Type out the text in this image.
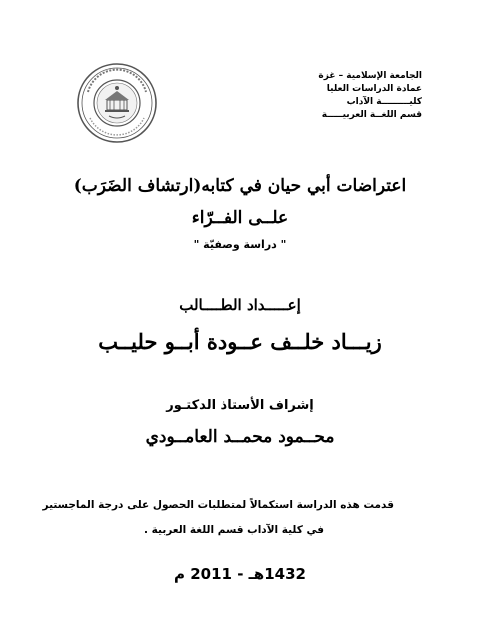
الجامعة الإسلامية – غزة
عمادة الدراسات العليا
كليـــــــــة الآداب
قسم اللغــة العربيـــــة
اعتراضات أبي حيان في كتابه(ارتشاف الضَرَب)
علــى الفــرّاء
" دراسة وصفيّة "
إعـــــداد الطــــالب
زيـــاد خلــف عــودة أبــو حليــب
إشراف الأستاذ الدكتـور
محــمود محمــد العامــودي
قدمت هذه الدراسة استكمالاً لمتطلبات الحصول على درجة الماجستير
في كلية الآداب قسم اللغة العربية .
1432هـ - 2011 م
